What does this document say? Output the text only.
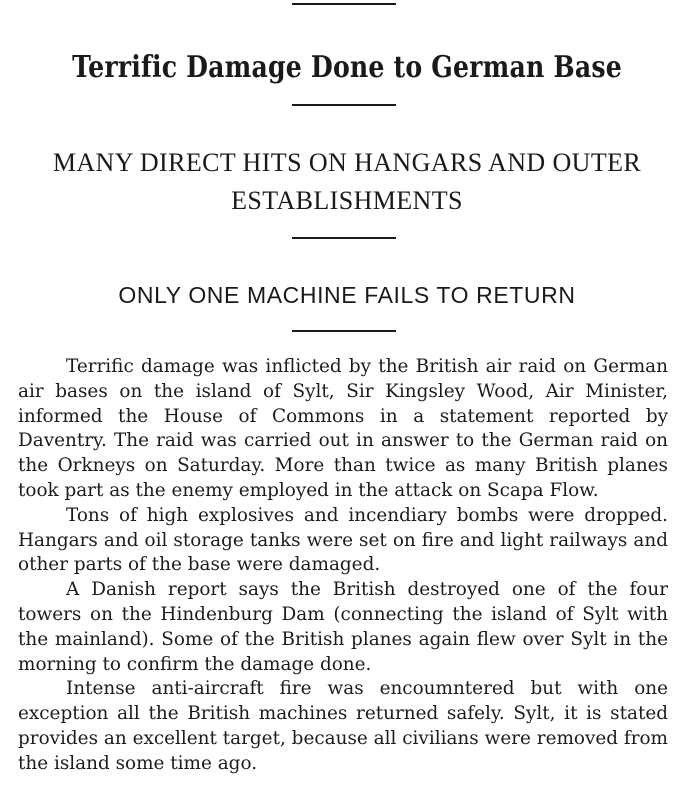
Terrific Damage Done to German Base
MANY DIRECT HITS ON HANGARS AND OUTER ESTABLISHMENTS
ONLY ONE MACHINE FAILS TO RETURN

Terrific damage was inflicted by the British air raid on German air bases on the island of Sylt, Sir Kingsley Wood, Air Minister, informed the House of Commons in a statement reported by Daventry. The raid was carried out in answer to the German raid on the Orkneys on Saturday. More than twice as many British planes took part as the enemy employed in the attack on Scapa Flow.

Tons of high explosives and incendiary bombs were dropped. Hangars and oil storage tanks were set on fire and light railways and other parts of the base were damaged.

A Danish report says the British destroyed one of the four towers on the Hindenburg Dam (connecting the island of Sylt with the mainland). Some of the British planes again flew over Sylt in the morning to confirm the damage done.

Intense anti-aircraft fire was encoumntered but with one exception all the British machines returned safely. Sylt, it is stated provides an excellent target, because all civilians were removed from the island some time ago.
